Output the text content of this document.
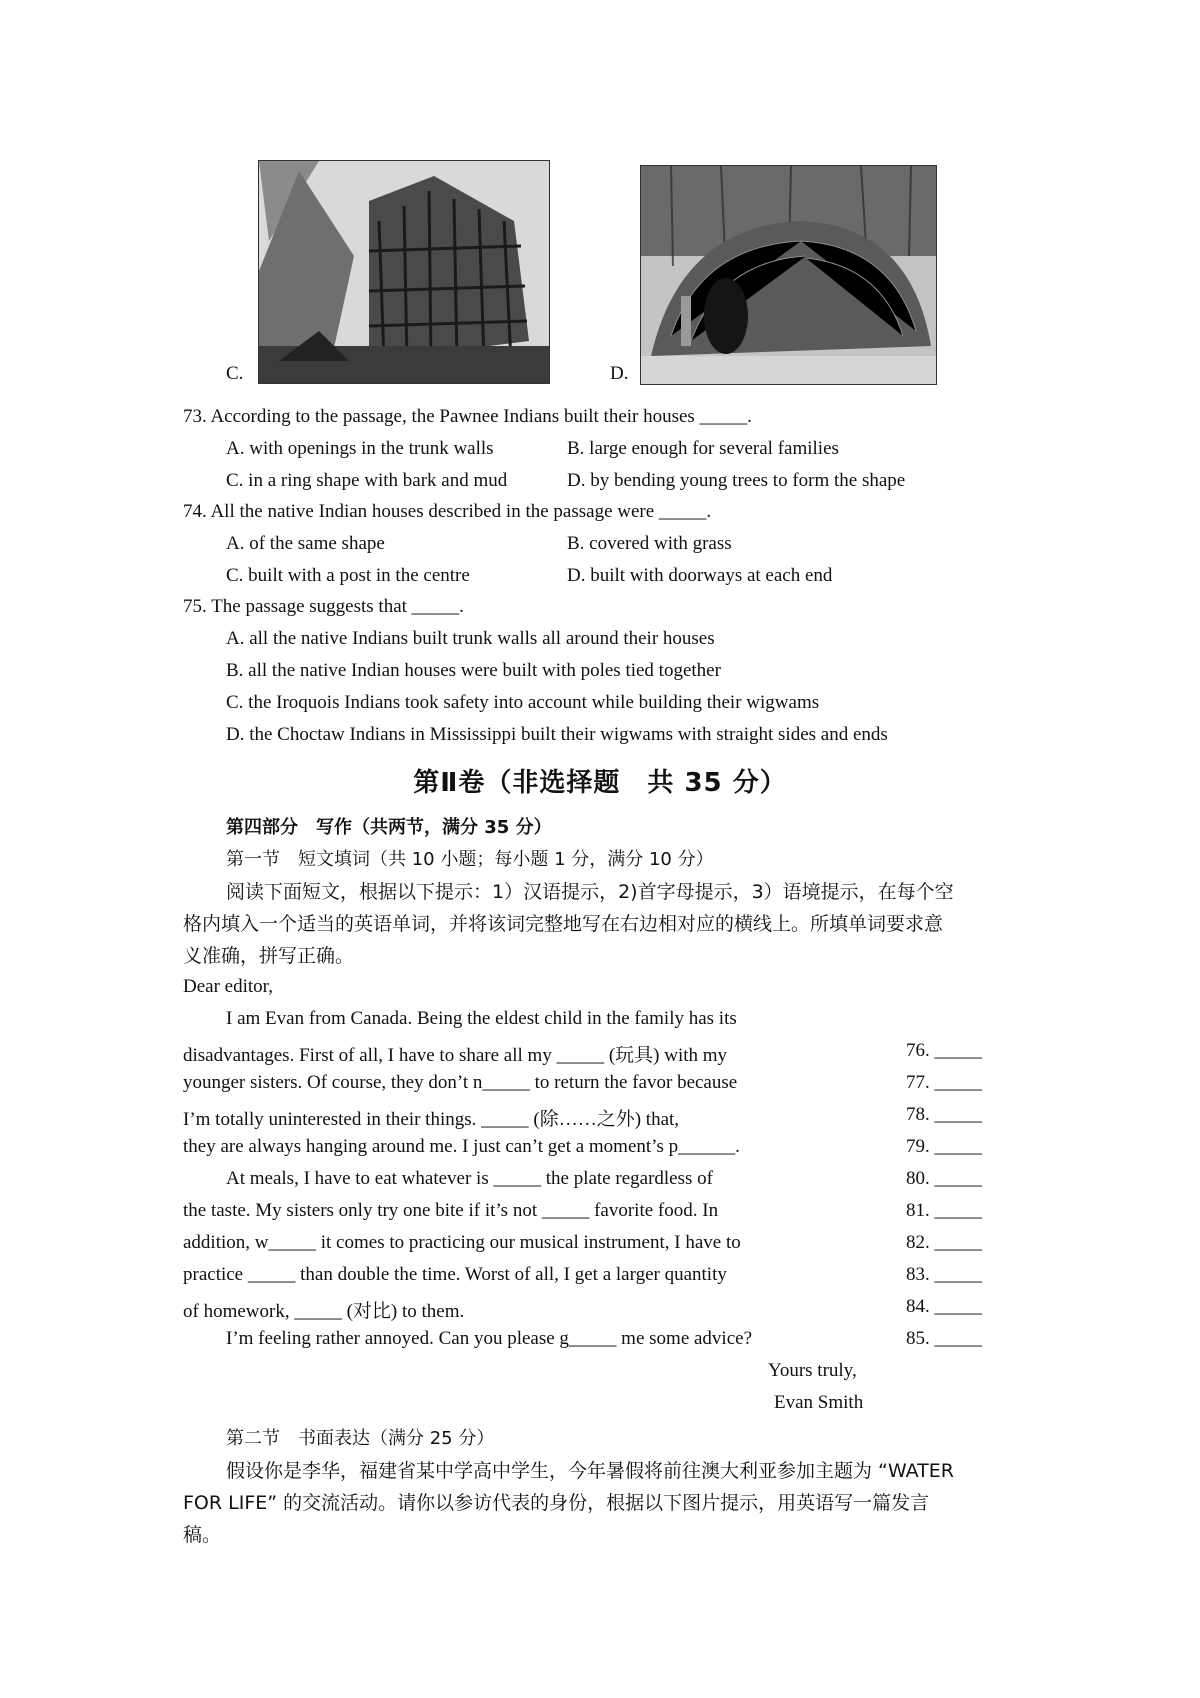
C.	D.
73. According to the passage, the Pawnee Indians built their houses _____.
A. with openings in the trunk walls	B. large enough for several families
C. in a ring shape with bark and mud	D. by bending young trees to form the shape
74. All the native Indian houses described in the passage were _____.
A. of the same shape	B. covered with grass
C. built with a post in the centre	D. built with doorways at each end
75. The passage suggests that _____.
A. all the native Indians built trunk walls all around their houses
B. all the native Indian houses were built with poles tied together
C. the Iroquois Indians took safety into account while building their wigwams
D. the Choctaw Indians in Mississippi built their wigwams with straight sides and ends
第Ⅱ卷（非选择题　共 35 分）
第四部分　写作（共两节，满分 35 分）
第一节　短文填词（共 10 小题；每小题 1 分，满分 10 分）
阅读下面短文，根据以下提示：1）汉语提示，2)首字母提示，3）语境提示，在每个空
格内填入一个适当的英语单词，并将该词完整地写在右边相对应的横线上。所填单词要求意
义准确，拼写正确。
Dear editor,
I am Evan from Canada. Being the eldest child in the family has its
disadvantages. First of all, I have to share all my _____ (玩具) with my
younger sisters. Of course, they don’t n_____ to return the favor because
I’m totally uninterested in their things. _____ (除……之外) that,
they are always hanging around me. I just can’t get a moment’s p______.
At meals, I have to eat whatever is _____ the plate regardless of
the taste. My sisters only try one bite if it’s not _____ favorite food. In
addition, w_____ it comes to practicing our musical instrument, I have to
practice _____ than double the time. Worst of all, I get a larger quantity
of homework, _____ (对比) to them.
I’m feeling rather annoyed. Can you please g_____ me some advice?
76. _____
77. _____
78. _____
79. _____
80. _____
81. _____
82. _____
83. _____
84. _____
85. _____
Yours truly,
Evan Smith
第二节　书面表达（满分 25 分）
假设你是李华，福建省某中学高中学生，今年暑假将前往澳大利亚参加主题为 “WATER
FOR LIFE” 的交流活动。请你以参访代表的身份，根据以下图片提示，用英语写一篇发言
稿。
